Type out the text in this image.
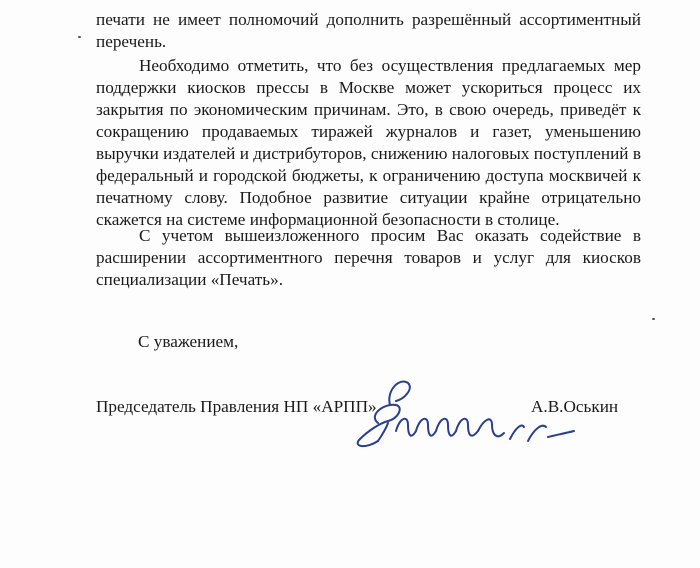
печати не имеет полномочий дополнить разрешённый ассортиментный перечень.

Необходимо отметить, что без осуществления предлагаемых мер поддержки киосков прессы в Москве может ускориться процесс их закрытия по экономическим причинам. Это, в свою очередь, приведёт к сокращению продаваемых тиражей журналов и газет, уменьшению выручки издателей и дистрибуторов, снижению налоговых поступлений в федеральный и городской бюджеты, к ограничению доступа москвичей к печатному слову. Подобное развитие ситуации крайне отрицательно скажется на системе информационной безопасности в столице.

С учетом вышеизложенного просим Вас оказать содействие в расширении ассортиментного перечня товаров и услуг для киосков специализации «Печать».

С уважением,

Председатель Правления НП «АРПП»	А.В.Оськин
